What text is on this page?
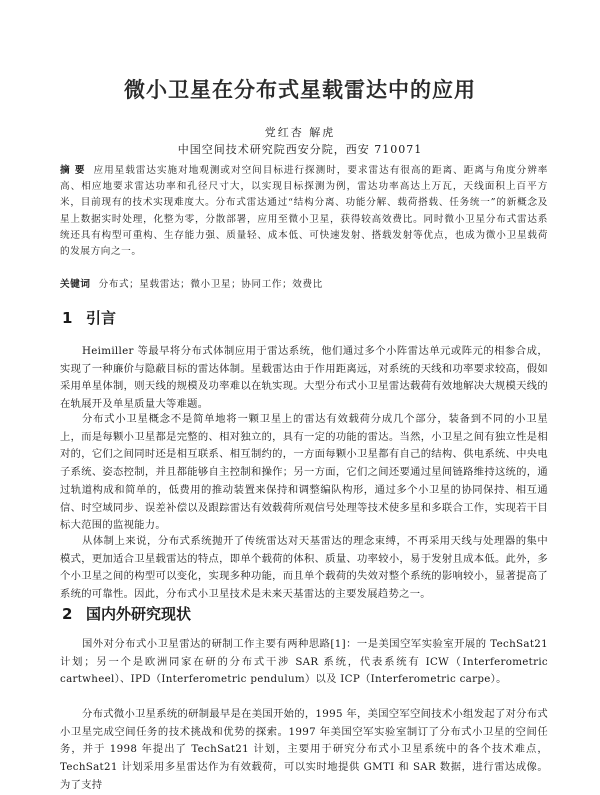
微小卫星在分布式星载雷达中的应用
党红杏 解虎
中国空间技术研究院西安分院，西安 710071
摘 要 应用星载雷达实施对地观测或对空间目标进行探测时，要求雷达有很高的距离、距离与角度分辨率高、相应地要求雷达功率和孔径尺寸大，以实现目标探测为例，雷达功率高达上万瓦，天线面积上百平方米，目前现有的技术实现难度大。分布式雷达通过“结构分离、功能分解、载荷搭载、任务统一”的新概念及星上数据实时处理，化整为零，分散部署，应用至微小卫星，获得较高效费比。同时微小卫星分布式雷达系统还具有构型可重构、生存能力强、质量轻、成本低、可快速发射、搭载发射等优点，也成为微小卫星载荷的发展方向之一。
关键词 分布式；星载雷达；微小卫星；协同工作；效费比
1 引言
Heimiller 等最早将分布式体制应用于雷达系统，他们通过多个小阵雷达单元或阵元的相参合成，实现了一种廉价与隐蔽目标的雷达体制。星载雷达由于作用距离远，对系统的天线和功率要求较高，假如采用单星体制，则天线的规模及功率难以在轨实现。大型分布式小卫星雷达载荷有效地解决大规模天线的在轨展开及单星质量大等难题。
分布式小卫星概念不是简单地将一颗卫星上的雷达有效载荷分成几个部分，装备到不同的小卫星上，而是每颗小卫星都是完整的、相对独立的，具有一定的功能的雷达。当然，小卫星之间有独立性是相对的，它们之间同时还是相互联系、相互制约的，一方面每颗小卫星都有自己的结构、供电系统、中央电子系统、姿态控制，并且都能够自主控制和操作；另一方面，它们之间还要通过星间链路维持这统的，通过轨道构成和简单的，低费用的推动装置来保持和调整编队构形，通过多个小卫星的协同保持、相互通信、时空域同步、误差补偿以及跟踪雷达有效载荷所观信号处理等技术使多星和多联合工作，实现若干目标大范围的监视能力。
从体制上来说，分布式系统抛开了传统雷达对天基雷达的理念束缚，不再采用天线与处理器的集中模式，更加适合卫星载雷达的特点，即单个载荷的体积、质量、功率较小，易于发射且成本低。此外，多个小卫星之间的构型可以变化，实现多种功能，而且单个载荷的失效对整个系统的影响较小，显著提高了系统的可靠性。因此，分布式小卫星技术是未来天基雷达的主要发展趋势之一。
2 国内外研究现状
国外对分布式小卫星雷达的研制工作主要有两种思路[1]：一是美国空军实验室开展的 TechSat21 计划；另一个是欧洲同家在研的分布式干涉 SAR 系统，代表系统有 ICW（Interferometric cartwheel）、IPD（Interferometric pendulum）以及 ICP（Interferometric carpe）。
分布式微小卫星系统的研制最早是在美国开始的，1995 年，美国空军空间技术小组发起了对分布式小卫星完成空间任务的技术挑战和优势的探索。1997 年美国空军实验室制订了分布式小卫星的空间任务，并于 1998 年提出了 TechSat21 计划，主要用于研究分布式小卫星系统中的各个技术难点，TechSat21 计划采用多星雷达作为有效载荷，可以实时地提供 GMTI 和 SAR 数据，进行雷达成像。为了支持
